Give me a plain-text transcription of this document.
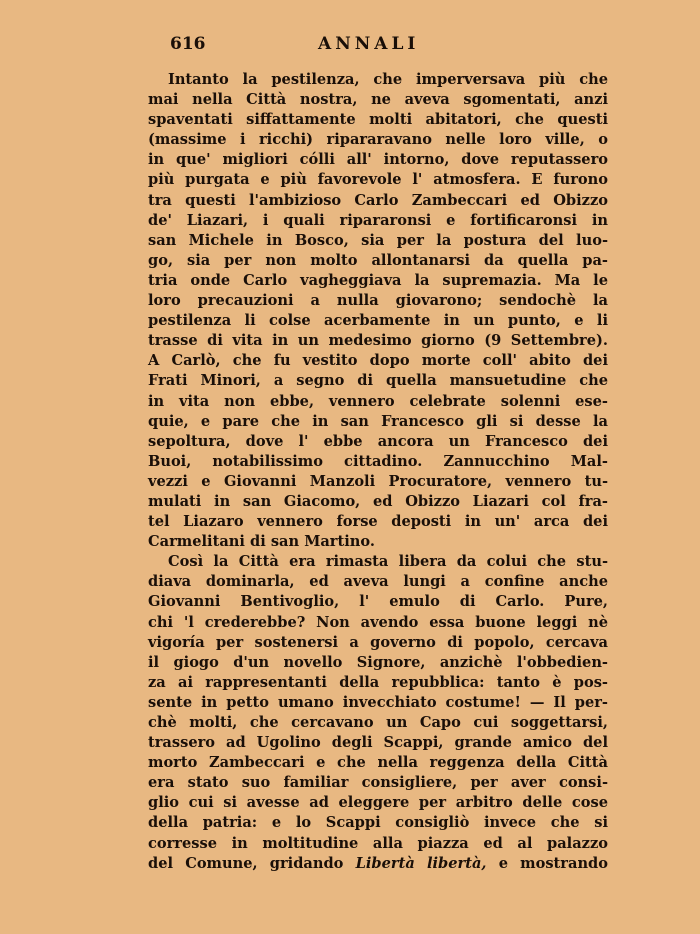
616	ANNALI
Intanto la pestilenza, che imperversava più che
mai nella Città nostra, ne aveva sgomentati, anzi
spaventati siffattamente molti abitatori, che questi
(massime i ricchi) ripararavano nelle loro ville, o
in que' migliori cólli all' intorno, dove reputassero
più purgata e più favorevole l' atmosfera. E furono
tra questi l'ambizioso Carlo Zambeccari ed Obizzo
de' Liazari, i quali ripararonsi e fortificaronsi in
san Michele in Bosco, sia per la postura del luo-
go, sia per non molto allontanarsi da quella pa-
tria onde Carlo vagheggiava la supremazia. Ma le
loro precauzioni a nulla giovarono; sendochè la
pestilenza li colse acerbamente in un punto, e li
trasse di vita in un medesimo giorno (9 Settembre).
A Carlò, che fu vestito dopo morte coll' abito dei
Frati Minori, a segno di quella mansuetudine che
in vita non ebbe, vennero celebrate solenni ese-
quie, e pare che in san Francesco gli si desse la
sepoltura, dove l' ebbe ancora un Francesco dei
Buoi, notabilissimo cittadino. Zannucchino Mal-
vezzi e Giovanni Manzoli Procuratore, vennero tu-
mulati in san Giacomo, ed Obizzo Liazari col fra-
tel Liazaro vennero forse deposti in un' arca dei
Carmelitani di san Martino.
Così la Città era rimasta libera da colui che stu-
diava dominarla, ed aveva lungi a confine anche
Giovanni Bentivoglio, l' emulo di Carlo. Pure,
chi 'l crederebbe? Non avendo essa buone leggi nè
vigoría per sostenersi a governo di popolo, cercava
il giogo d'un novello Signore, anzichè l'obbedien-
za ai rappresentanti della repubblica: tanto è pos-
sente in petto umano invecchiato costume! — Il per-
chè molti, che cercavano un Capo cui soggettarsi,
trassero ad Ugolino degli Scappi, grande amico del
morto Zambeccari e che nella reggenza della Città
era stato suo familiar consigliere, per aver consi-
glio cui si avesse ad eleggere per arbitro delle cose
della patria: e lo Scappi consigliò invece che si
corresse in moltitudine alla piazza ed al palazzo
del Comune, gridando Libertà libertà, e mostrando
